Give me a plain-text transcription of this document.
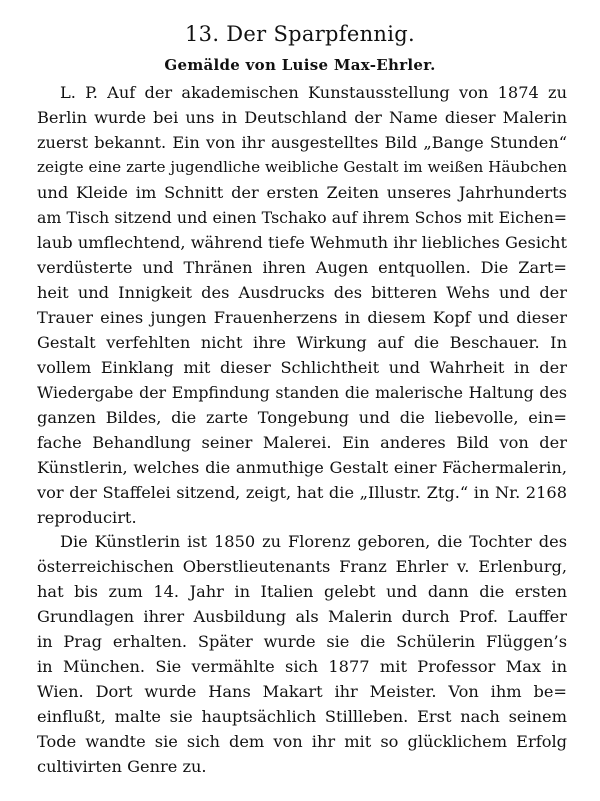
13. Der Sparpfennig.
Gemälde von Luise Max-Ehrler.
L. P. Auf der akademischen Kunstausstellung von 1874 zu
Berlin wurde bei uns in Deutschland der Name dieser Malerin
zuerst bekannt. Ein von ihr ausgestelltes Bild „Bange Stunden“
zeigte eine zarte jugendliche weibliche Gestalt im weißen Häubchen
und Kleide im Schnitt der ersten Zeiten unseres Jahrhunderts
am Tisch sitzend und einen Tschako auf ihrem Schos mit Eichen=
laub umflechtend, während tiefe Wehmuth ihr liebliches Gesicht
verdüsterte und Thränen ihren Augen entquollen. Die Zart=
heit und Innigkeit des Ausdrucks des bitteren Wehs und der
Trauer eines jungen Frauenherzens in diesem Kopf und dieser
Gestalt verfehlten nicht ihre Wirkung auf die Beschauer. In
vollem Einklang mit dieser Schlichtheit und Wahrheit in der
Wiedergabe der Empfindung standen die malerische Haltung des
ganzen Bildes, die zarte Tongebung und die liebevolle, ein=
fache Behandlung seiner Malerei. Ein anderes Bild von der
Künstlerin, welches die anmuthige Gestalt einer Fächermalerin,
vor der Staffelei sitzend, zeigt, hat die „Illustr. Ztg.“ in Nr. 2168
reproducirt.
Die Künstlerin ist 1850 zu Florenz geboren, die Tochter des
österreichischen Oberstlieutenants Franz Ehrler v. Erlenburg,
hat bis zum 14. Jahr in Italien gelebt und dann die ersten
Grundlagen ihrer Ausbildung als Malerin durch Prof. Lauffer
in Prag erhalten. Später wurde sie die Schülerin Flüggen’s
in München. Sie vermählte sich 1877 mit Professor Max in
Wien. Dort wurde Hans Makart ihr Meister. Von ihm be=
einflußt, malte sie hauptsächlich Stillleben. Erst nach seinem
Tode wandte sie sich dem von ihr mit so glücklichem Erfolg
cultivirten Genre zu.
